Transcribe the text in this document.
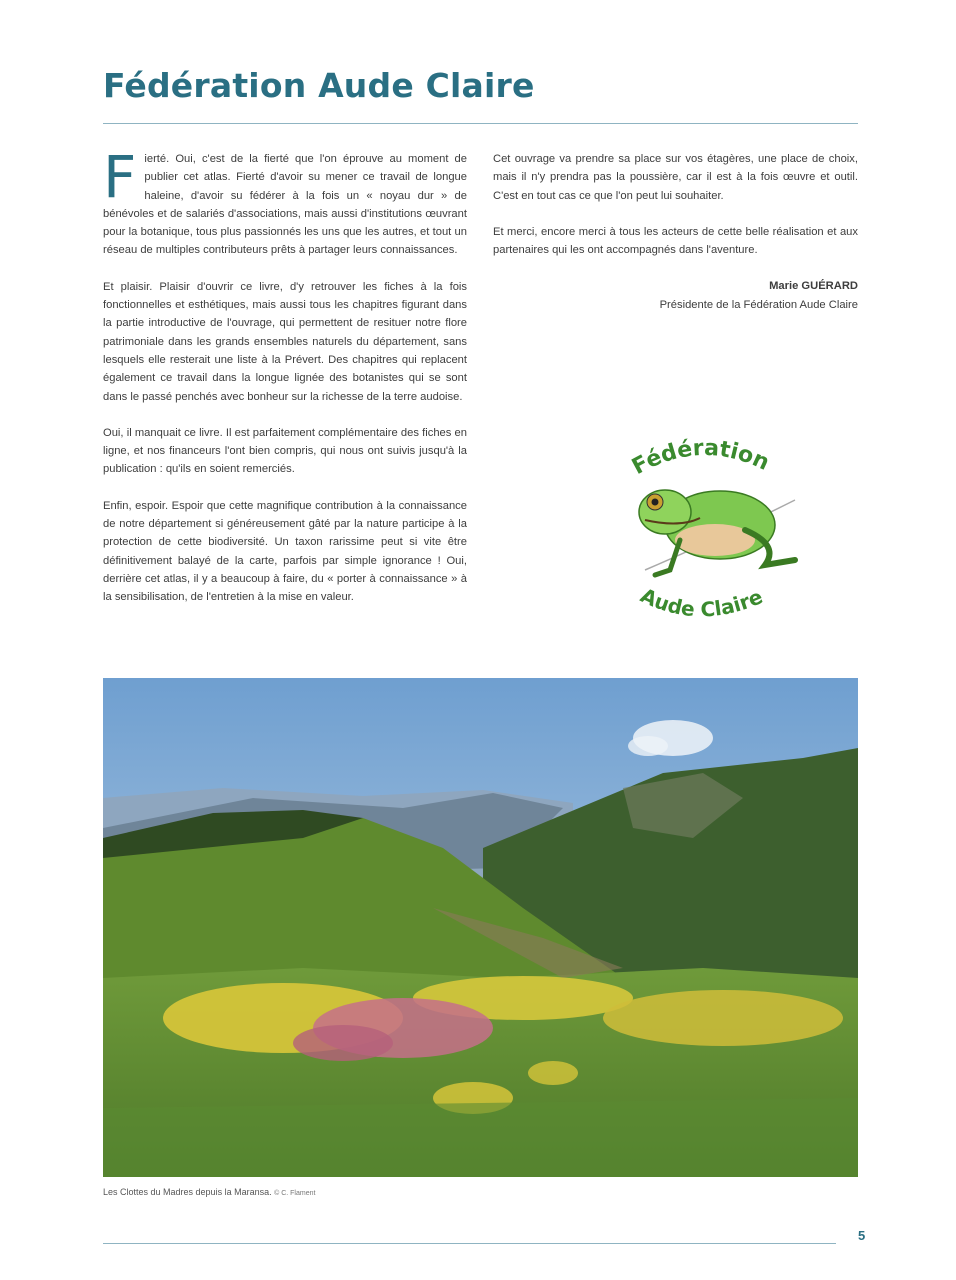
Fédération Aude Claire

Fierté. Oui, c'est de la fierté que l'on éprouve au moment de publier cet atlas. Fierté d'avoir su mener ce travail de longue haleine, d'avoir su fédérer à la fois un « noyau dur » de bénévoles et de salariés d'associations, mais aussi d'institutions œuvrant pour la botanique, tous plus passionnés les uns que les autres, et tout un réseau de multiples contributeurs prêts à partager leurs connaissances.

Et plaisir. Plaisir d'ouvrir ce livre, d'y retrouver les fiches à la fois fonctionnelles et esthétiques, mais aussi tous les chapitres figurant dans la partie introductive de l'ouvrage, qui permettent de resituer notre flore patrimoniale dans les grands ensembles naturels du département, sans lesquels elle resterait une liste à la Prévert. Des chapitres qui replacent également ce travail dans la longue lignée des botanistes qui se sont dans le passé penchés avec bonheur sur la richesse de la terre audoise.

Oui, il manquait ce livre. Il est parfaitement complémentaire des fiches en ligne, et nos financeurs l'ont bien compris, qui nous ont suivis jusqu'à la publication : qu'ils en soient remerciés.

Enfin, espoir. Espoir que cette magnifique contribution à la connaissance de notre département si généreusement gâté par la nature participe à la protection de cette biodiversité. Un taxon rarissime peut si vite être définitivement balayé de la carte, parfois par simple ignorance ! Oui, derrière cet atlas, il y a beaucoup à faire, du « porter à connaissance » à la sensibilisation, de l'entretien à la mise en valeur.

Cet ouvrage va prendre sa place sur vos étagères, une place de choix, mais il n'y prendra pas la poussière, car il est à la fois œuvre et outil. C'est en tout cas ce que l'on peut lui souhaiter.

Et merci, encore merci à tous les acteurs de cette belle réalisation et aux partenaires qui les ont accompagnés dans l'aventure.

Marie GUÉRARD
Présidente de la Fédération Aude Claire
Fédération
Aude Claire
Les Clottes du Madres depuis la Maransa. © C. Flament
5
